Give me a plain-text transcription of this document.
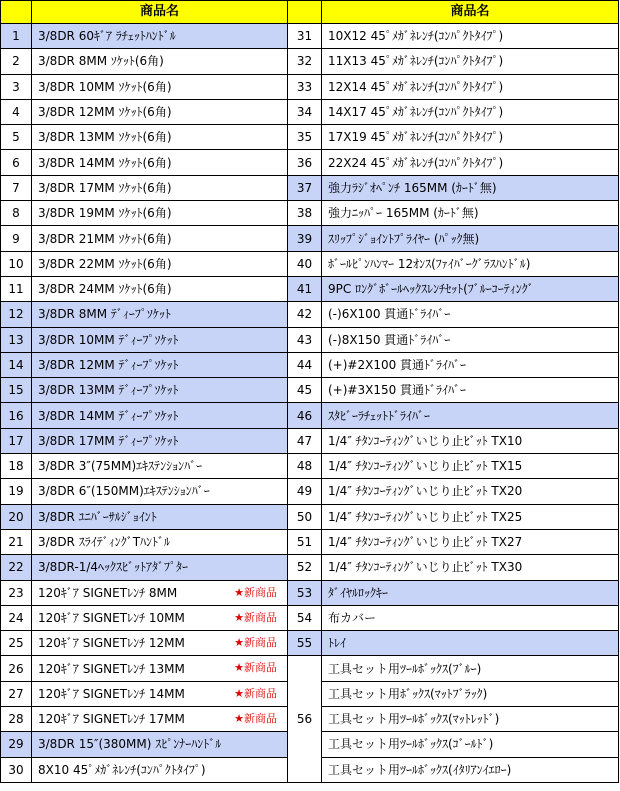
	商品名		商品名
1	3/8DR 60ｷﾞｱ ﾗﾁｪｯﾄﾊﾝﾄﾞﾙ	31	10X12 45ﾟﾒｶﾞﾈﾚﾝﾁ(ｺﾝﾊﾟｸﾄﾀｲﾌﾟ)
2	3/8DR 8MM ｿｹｯﾄ(6角)	32	11X13 45ﾟﾒｶﾞﾈﾚﾝﾁ(ｺﾝﾊﾟｸﾄﾀｲﾌﾟ)
3	3/8DR 10MM ｿｹｯﾄ(6角)	33	12X14 45ﾟﾒｶﾞﾈﾚﾝﾁ(ｺﾝﾊﾟｸﾄﾀｲﾌﾟ)
4	3/8DR 12MM ｿｹｯﾄ(6角)	34	14X17 45ﾟﾒｶﾞﾈﾚﾝﾁ(ｺﾝﾊﾟｸﾄﾀｲﾌﾟ)
5	3/8DR 13MM ｿｹｯﾄ(6角)	35	17X19 45ﾟﾒｶﾞﾈﾚﾝﾁ(ｺﾝﾊﾟｸﾄﾀｲﾌﾟ)
6	3/8DR 14MM ｿｹｯﾄ(6角)	36	22X24 45ﾟﾒｶﾞﾈﾚﾝﾁ(ｺﾝﾊﾟｸﾄﾀｲﾌﾟ)
7	3/8DR 17MM ｿｹｯﾄ(6角)	37	強力ﾗｼﾞｵﾍﾟﾝﾁ 165MM (ｶｰﾄﾞ無)
8	3/8DR 19MM ｿｹｯﾄ(6角)	38	強力ﾆｯﾊﾟｰ 165MM (ｶｰﾄﾞ無)
9	3/8DR 21MM ｿｹｯﾄ(6角)	39	ｽﾘｯﾌﾟｼﾞｮｲﾝﾄﾌﾟﾗｲﾔｰ (ﾊﾟｯｸ無)
10	3/8DR 22MM ｿｹｯﾄ(6角)	40	ﾎﾞｰﾙﾋﾟﾝﾊﾝﾏｰ 12ｵﾝｽ(ﾌｧｲﾊﾞｰｸﾞﾗｽﾊﾝﾄﾞﾙ)
11	3/8DR 24MM ｿｹｯﾄ(6角)	41	9PC ﾛﾝｸﾞﾎﾞｰﾙﾍｯｸｽﾚﾝﾁｾｯﾄ(ﾌﾞﾙｰｺｰﾃｨﾝｸﾞ
12	3/8DR 8MM ﾃﾞｨｰﾌﾟｿｹｯﾄ	42	(-)6X100 貫通ﾄﾞﾗｲﾊﾞｰ
13	3/8DR 10MM ﾃﾞｨｰﾌﾟｿｹｯﾄ	43	(-)8X150 貫通ﾄﾞﾗｲﾊﾞｰ
14	3/8DR 12MM ﾃﾞｨｰﾌﾟｿｹｯﾄ	44	(+)#2X100 貫通ﾄﾞﾗｲﾊﾞｰ
15	3/8DR 13MM ﾃﾞｨｰﾌﾟｿｹｯﾄ	45	(+)#3X150 貫通ﾄﾞﾗｲﾊﾞｰ
16	3/8DR 14MM ﾃﾞｨｰﾌﾟｿｹｯﾄ	46	ｽﾀﾋﾞｰﾗﾁｪｯﾄﾄﾞﾗｲﾊﾞｰ
17	3/8DR 17MM ﾃﾞｨｰﾌﾟｿｹｯﾄ	47	1/4″ ﾁﾀﾝｺｰﾃｨﾝｸﾞいじり止ﾋﾞｯﾄ TX10
18	3/8DR 3″(75MM)ｴｷｽﾃﾝｼｮﾝﾊﾞｰ	48	1/4″ ﾁﾀﾝｺｰﾃｨﾝｸﾞいじり止ﾋﾞｯﾄ TX15
19	3/8DR 6″(150MM)ｴｷｽﾃﾝｼｮﾝﾊﾞｰ	49	1/4″ ﾁﾀﾝｺｰﾃｨﾝｸﾞいじり止ﾋﾞｯﾄ TX20
20	3/8DR ﾕﾆﾊﾞｰｻﾙｼﾞｮｲﾝﾄ	50	1/4″ ﾁﾀﾝｺｰﾃｨﾝｸﾞいじり止ﾋﾞｯﾄ TX25
21	3/8DR ｽﾗｲﾃﾞｨﾝｸﾞTﾊﾝﾄﾞﾙ	51	1/4″ ﾁﾀﾝｺｰﾃｨﾝｸﾞいじり止ﾋﾞｯﾄ TX27
22	3/8DR-1/4ﾍｯｸｽﾋﾞｯﾄｱﾀﾞﾌﾟﾀｰ	52	1/4″ ﾁﾀﾝｺｰﾃｨﾝｸﾞいじり止ﾋﾞｯﾄ TX30
23	120ｷﾞｱ SIGNETﾚﾝﾁ 8MM ★新商品	53	ﾀﾞｲﾔﾙﾛｯｸｷｰ
24	120ｷﾞｱ SIGNETﾚﾝﾁ 10MM ★新商品	54	布カバー
25	120ｷﾞｱ SIGNETﾚﾝﾁ 12MM ★新商品	55	ﾄﾚｲ
26	120ｷﾞｱ SIGNETﾚﾝﾁ 13MM ★新商品	56	工具セット用ﾂｰﾙﾎﾞｯｸｽ(ﾌﾞﾙｰ)
27	120ｷﾞｱ SIGNETﾚﾝﾁ 14MM ★新商品		工具セット用ﾎﾞｯｸｽ(ﾏｯﾄﾌﾞﾗｯｸ)
28	120ｷﾞｱ SIGNETﾚﾝﾁ 17MM ★新商品		工具セット用ﾂｰﾙﾎﾞｯｸｽ(ﾏｯﾄﾚｯﾄﾞ)
29	3/8DR 15″(380MM) ｽﾋﾟﾝﾅｰﾊﾝﾄﾞﾙ		工具セット用ﾂｰﾙﾎﾞｯｸｽ(ｺﾞｰﾙﾄﾞ)
30	8X10 45ﾟﾒｶﾞﾈﾚﾝﾁ(ｺﾝﾊﾟｸﾄﾀｲﾌﾟ)		工具セット用ﾂｰﾙﾎﾞｯｸｽ(ｲﾀﾘｱﾝｲｴﾛｰ)
